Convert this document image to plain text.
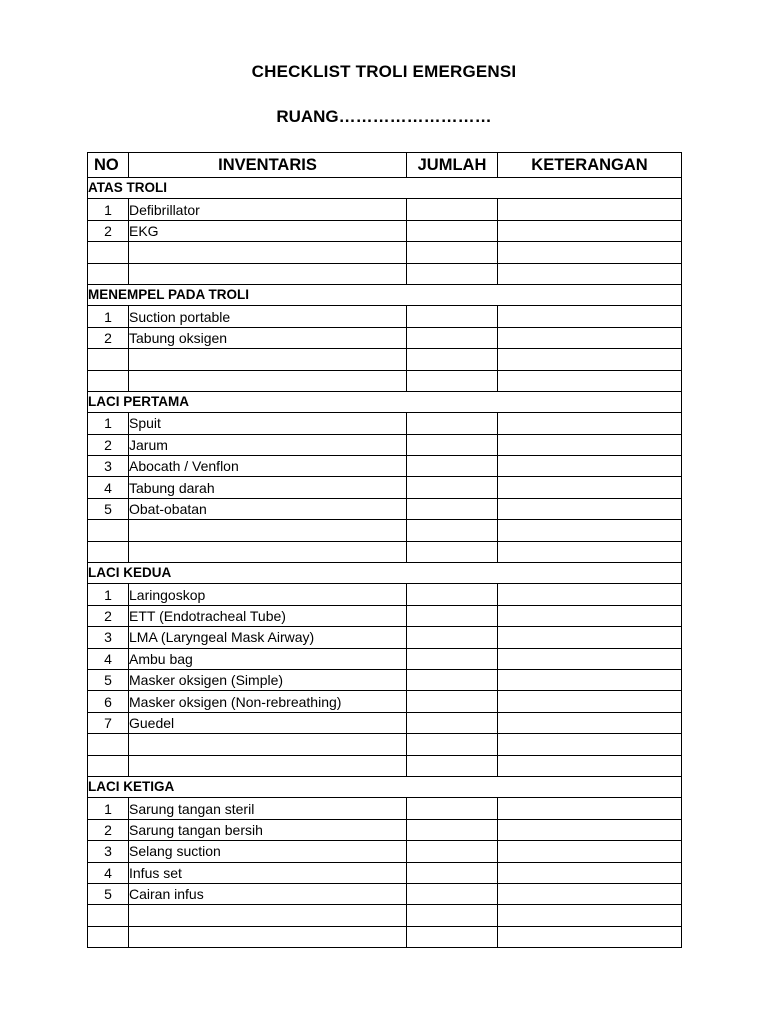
CHECKLIST TROLI EMERGENSI
RUANG………………………
NO	INVENTARIS	JUMLAH	KETERANGAN
ATAS TROLI			
1	Defibrillator		
2	EKG		

MENEMPEL PADA TROLI			
1	Suction portable		
2	Tabung oksigen		

LACI PERTAMA			
1	Spuit		
2	Jarum		
3	Abocath / Venflon		
4	Tabung darah		
5	Obat-obatan		

LACI KEDUA			
1	Laringoskop		
2	ETT (Endotracheal Tube)		
3	LMA (Laryngeal Mask Airway)		
4	Ambu bag		
5	Masker oksigen (Simple)		
6	Masker oksigen (Non-rebreathing)		
7	Guedel		

LACI KETIGA			
1	Sarung tangan steril		
2	Sarung tangan bersih		
3	Selang suction		
4	Infus set		
5	Cairan infus		
